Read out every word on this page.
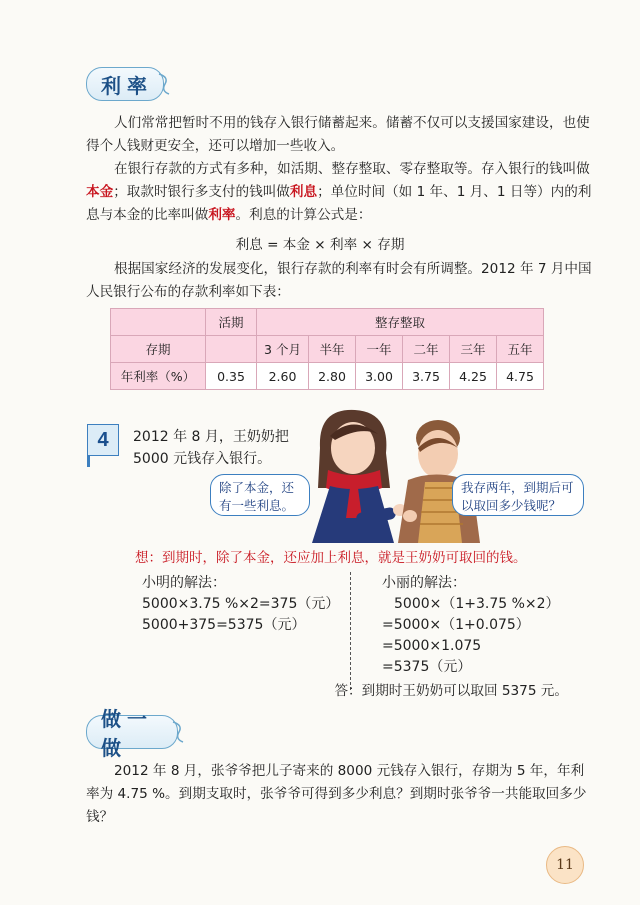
利率

人们常常把暂时不用的钱存入银行储蓄起来。储蓄不仅可以支援国家建设，也使得个人钱财更安全，还可以增加一些收入。

在银行存款的方式有多种，如活期、整存整取、零存整取等。存入银行的钱叫做本金；取款时银行多支付的钱叫做利息；单位时间（如 1 年、1 月、1 日等）内的利息与本金的比率叫做利率。利息的计算公式是：

利息 = 本金 × 利率 × 存期

根据国家经济的发展变化，银行存款的利率有时会有所调整。2012 年 7 月中国人民银行公布的存款利率如下表：

	活期	整存整取					
存期		3 个月	半年	一年	二年	三年	五年
年利率（%）	0.35	2.60	2.80	3.00	3.75	4.25	4.75
4	2012 年 8 月，王奶奶把
5000 元钱存入银行。
除了本金，还
有一些利息。
我存两年，到期后可
以取回多少钱呢？
想：到期时，除了本金，还应加上利息，就是王奶奶可取回的钱。
小明的解法：
5000×3.75 %×2=375（元）
5000+375=5375（元）
小丽的解法：
5000×（1+3.75 %×2）
=5000×（1+0.075）
=5000×1.075
=5375（元）
答：到期时王奶奶可以取回 5375 元。
做一做

2012 年 8 月，张爷爷把儿子寄来的 8000 元钱存入银行，存期为 5 年，年利率为 4.75 %。到期支取时，张爷爷可得到多少利息？到期时张爷爷一共能取回多少钱？

11
